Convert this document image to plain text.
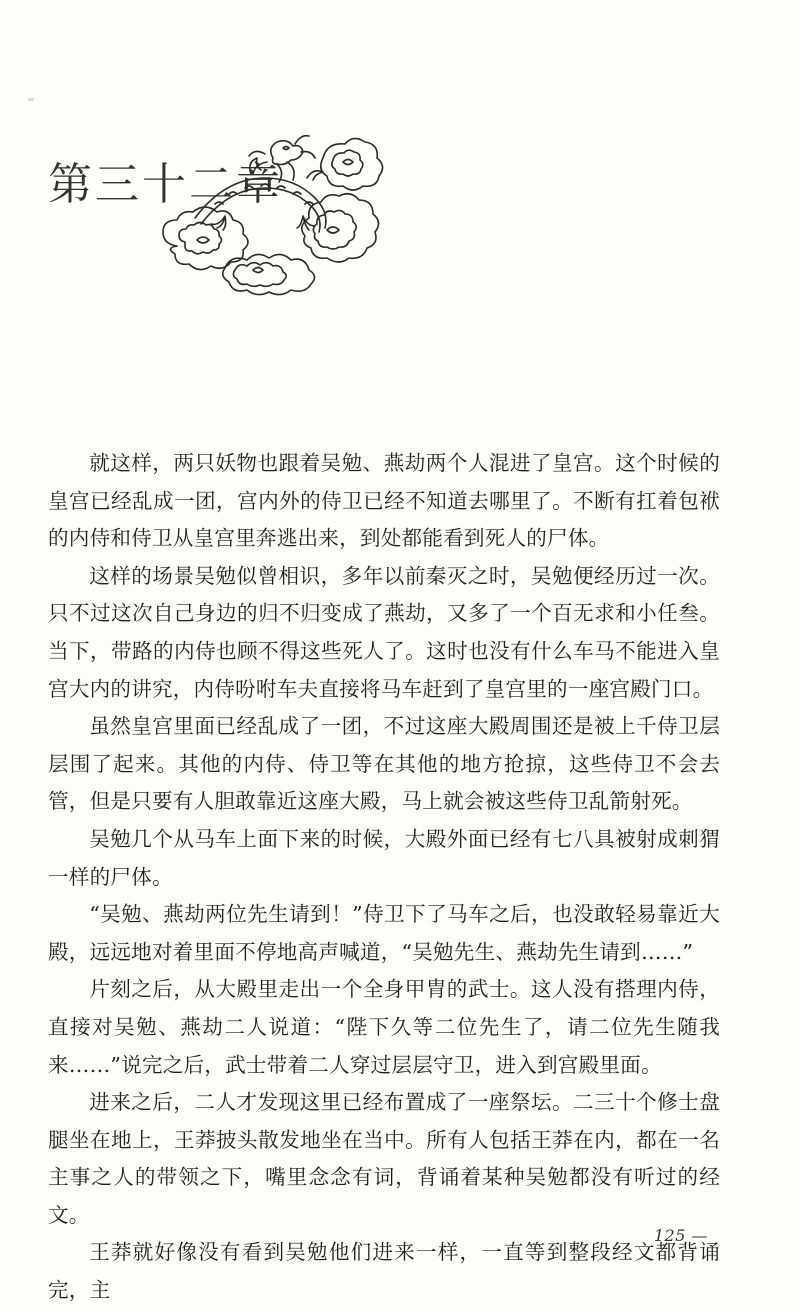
第三十二章

就这样，两只妖物也跟着吴勉、燕劫两个人混进了皇宫。这个时候的皇宫已经乱成一团，宫内外的侍卫已经不知道去哪里了。不断有扛着包袱的内侍和侍卫从皇宫里奔逃出来，到处都能看到死人的尸体。

这样的场景吴勉似曾相识，多年以前秦灭之时，吴勉便经历过一次。只不过这次自己身边的归不归变成了燕劫，又多了一个百无求和小任叁。当下，带路的内侍也顾不得这些死人了。这时也没有什么车马不能进入皇宫大内的讲究，内侍吩咐车夫直接将马车赶到了皇宫里的一座宫殿门口。

虽然皇宫里面已经乱成了一团，不过这座大殿周围还是被上千侍卫层层围了起来。其他的内侍、侍卫等在其他的地方抢掠，这些侍卫不会去管，但是只要有人胆敢靠近这座大殿，马上就会被这些侍卫乱箭射死。

吴勉几个从马车上面下来的时候，大殿外面已经有七八具被射成刺猬一样的尸体。

“吴勉、燕劫两位先生请到！”侍卫下了马车之后，也没敢轻易靠近大殿，远远地对着里面不停地高声喊道，“吴勉先生、燕劫先生请到……”

片刻之后，从大殿里走出一个全身甲胄的武士。这人没有搭理内侍，直接对吴勉、燕劫二人说道：“陛下久等二位先生了，请二位先生随我来……”说完之后，武士带着二人穿过层层守卫，进入到宫殿里面。

进来之后，二人才发现这里已经布置成了一座祭坛。二三十个修士盘腿坐在地上，王莽披头散发地坐在当中。所有人包括王莽在内，都在一名主事之人的带领之下，嘴里念念有词，背诵着某种吴勉都没有听过的经文。

王莽就好像没有看到吴勉他们进来一样，一直等到整段经文都背诵完，主

125 —
